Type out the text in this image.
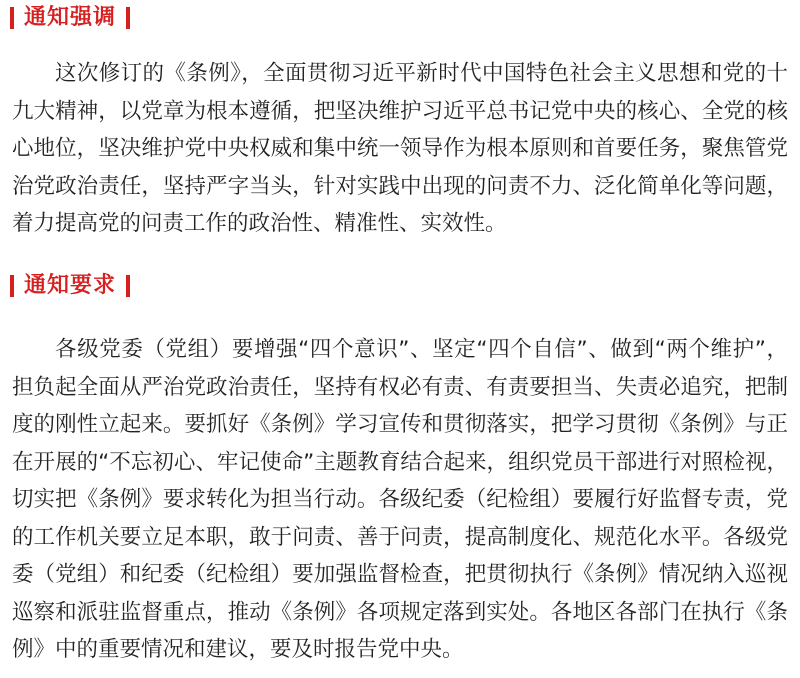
通知强调

这次修订的《条例》，全面贯彻习近平新时代中国特色社会主义思想和党的十九大精神，以党章为根本遵循，把坚决维护习近平总书记党中央的核心、全党的核心地位，坚决维护党中央权威和集中统一领导作为根本原则和首要任务，聚焦管党治党政治责任，坚持严字当头，针对实践中出现的问责不力、泛化简单化等问题，着力提高党的问责工作的政治性、精准性、实效性。

通知要求

各级党委（党组）要增强“四个意识”、坚定“四个自信”、做到“两个维护”，担负起全面从严治党政治责任，坚持有权必有责、有责要担当、失责必追究，把制度的刚性立起来。要抓好《条例》学习宣传和贯彻落实，把学习贯彻《条例》与正在开展的“不忘初心、牢记使命”主题教育结合起来，组织党员干部进行对照检视，切实把《条例》要求转化为担当行动。各级纪委（纪检组）要履行好监督专责，党的工作机关要立足本职，敢于问责、善于问责，提高制度化、规范化水平。各级党委（党组）和纪委（纪检组）要加强监督检查，把贯彻执行《条例》情况纳入巡视巡察和派驻监督重点，推动《条例》各项规定落到实处。各地区各部门在执行《条例》中的重要情况和建议，要及时报告党中央。
